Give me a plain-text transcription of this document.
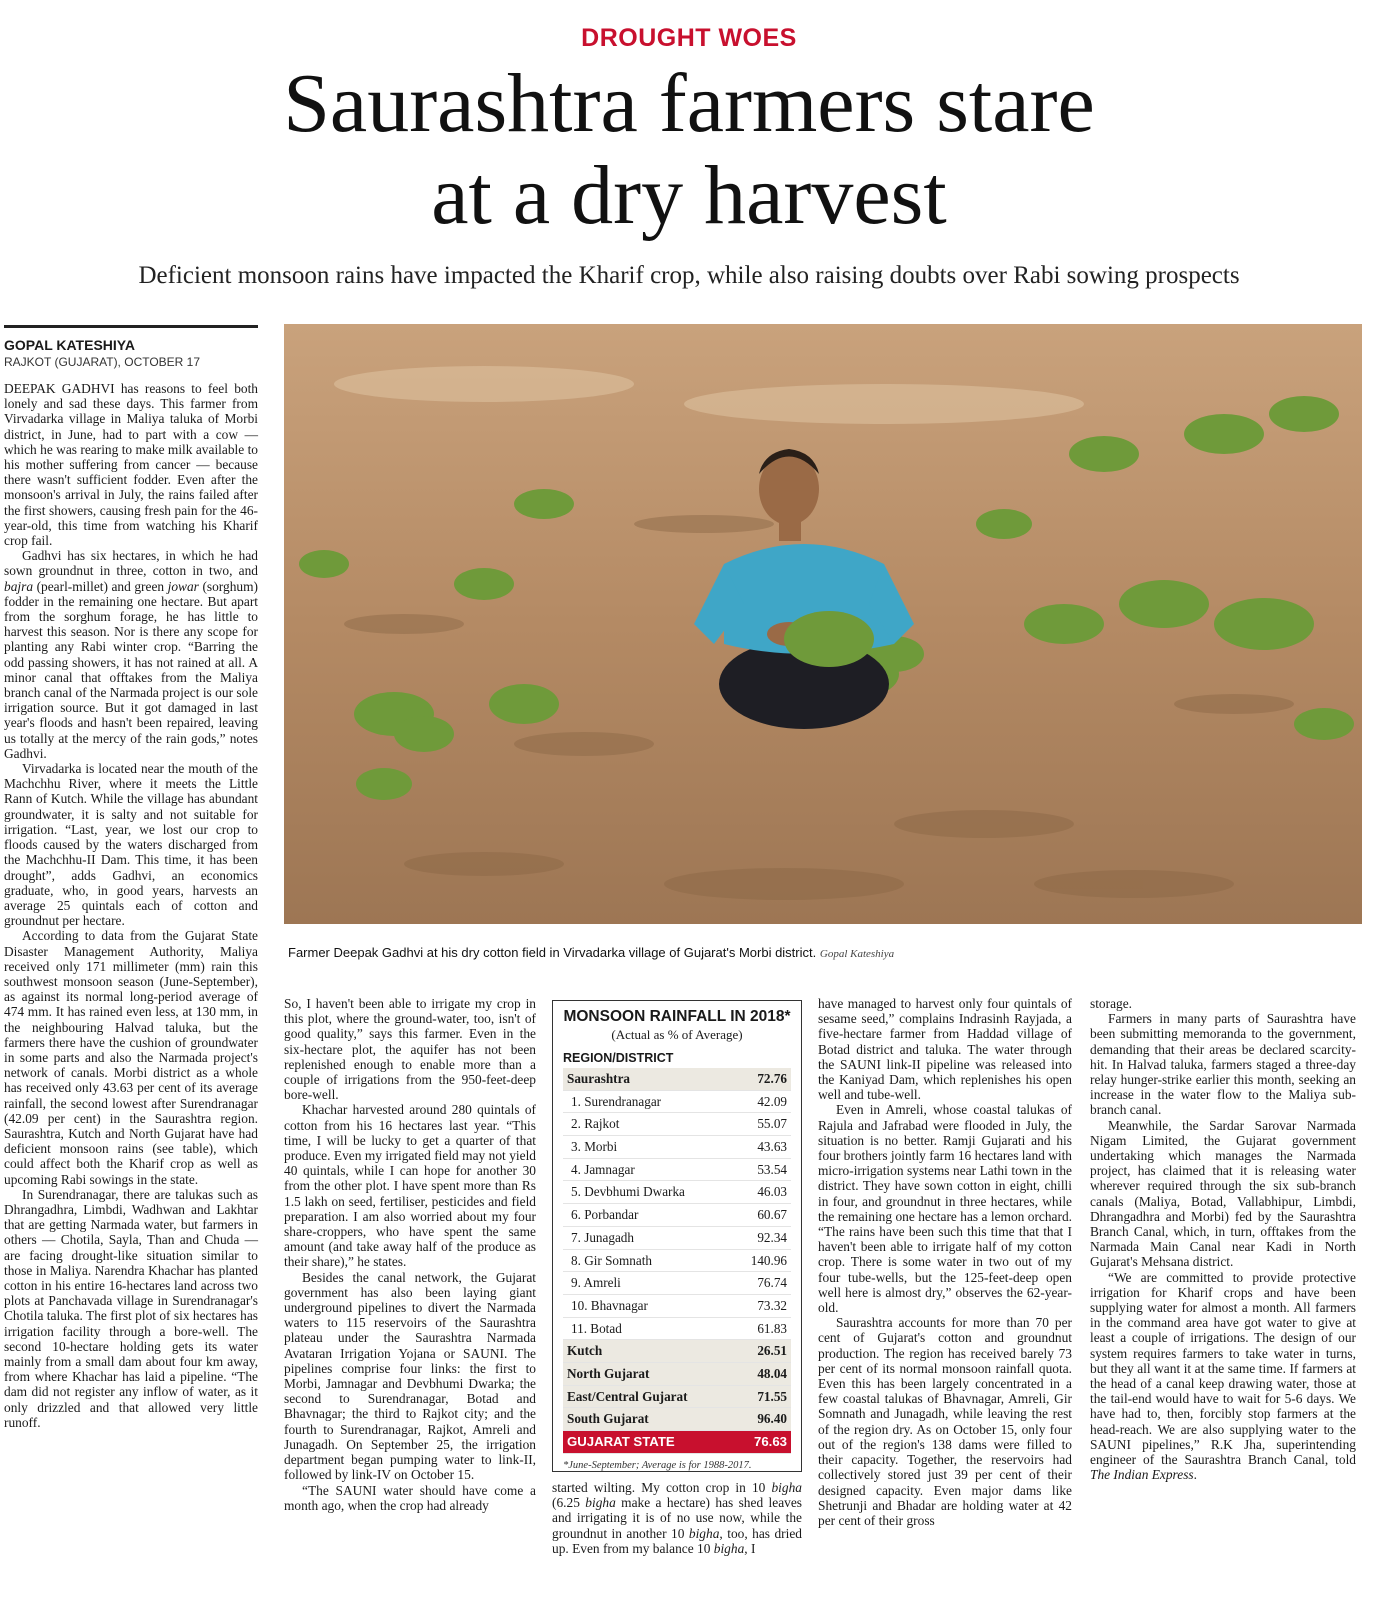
DROUGHT WOES
Saurashtra farmers stare
at a dry harvest
Deficient monsoon rains have impacted the Kharif crop, while also raising doubts over Rabi sowing prospects
GOPAL KATESHIYA
RAJKOT (GUJARAT), OCTOBER 17

DEEPAK GADHVI has reasons to feel both lonely and sad these days. This farmer from Virvadarka village in Maliya taluka of Morbi district, in June, had to part with a cow — which he was rearing to make milk available to his mother suffering from cancer — because there wasn't sufficient fodder. Even after the monsoon's arrival in July, the rains failed after the first showers, causing fresh pain for the 46-year-old, this time from watching his Kharif crop fail.

Gadhvi has six hectares, in which he had sown groundnut in three, cotton in two, and bajra (pearl-millet) and green jowar (sorghum) fodder in the remaining one hectare. But apart from the sorghum forage, he has little to harvest this season. Nor is there any scope for planting any Rabi winter crop. “Barring the odd passing showers, it has not rained at all. A minor canal that offtakes from the Maliya branch canal of the Narmada project is our sole irrigation source. But it got damaged in last year's floods and hasn't been repaired, leaving us totally at the mercy of the rain gods,” notes Gadhvi.

Virvadarka is located near the mouth of the Machchhu River, where it meets the Little Rann of Kutch. While the village has abundant groundwater, it is salty and not suitable for irrigation. “Last, year, we lost our crop to floods caused by the waters discharged from the Machchhu-II Dam. This time, it has been drought”, adds Gadhvi, an economics graduate, who, in good years, harvests an average 25 quintals each of cotton and groundnut per hectare.

According to data from the Gujarat State Disaster Management Authority, Maliya received only 171 millimeter (mm) rain this southwest monsoon season (June-September), as against its normal long-period average of 474 mm. It has rained even less, at 130 mm, in the neighbouring Halvad taluka, but the farmers there have the cushion of groundwater in some parts and also the Narmada project's network of canals. Morbi district as a whole has received only 43.63 per cent of its average rainfall, the second lowest after Surendranagar (42.09 per cent) in the Saurashtra region. Saurashtra, Kutch and North Gujarat have had deficient monsoon rains (see table), which could affect both the Kharif crop as well as upcoming Rabi sowings in the state.

In Surendranagar, there are talukas such as Dhrangadhra, Limbdi, Wadhwan and Lakhtar that are getting Narmada water, but farmers in others — Chotila, Sayla, Than and Chuda — are facing drought-like situation similar to those in Maliya. Narendra Khachar has planted cotton in his entire 16-hectares land across two plots at Panchavada village in Surendranagar's Chotila taluka. The first plot of six hectares has irrigation facility through a bore-well. The second 10-hectare holding gets its water mainly from a small dam about four km away, from where Khachar has laid a pipeline. “The dam did not register any inflow of water, as it only drizzled and that allowed very little runoff.

Farmer Deepak Gadhvi at his dry cotton field in Virvadarka village of Gujarat's Morbi district. Gopal Kateshiya

So, I haven't been able to irrigate my crop in this plot, where the ground-water, too, isn't of good quality,” says this farmer. Even in the six-hectare plot, the aquifer has not been replenished enough to enable more than a couple of irrigations from the 950-feet-deep bore-well.

Khachar harvested around 280 quintals of cotton from his 16 hectares last year. “This time, I will be lucky to get a quarter of that produce. Even my irrigated field may not yield 40 quintals, while I can hope for another 30 from the other plot. I have spent more than Rs 1.5 lakh on seed, fertiliser, pesticides and field preparation. I am also worried about my four share-croppers, who have spent the same amount (and take away half of the produce as their share),” he states.

Besides the canal network, the Gujarat government has also been laying giant underground pipelines to divert the Narmada waters to 115 reservoirs of the Saurashtra plateau under the Saurashtra Narmada Avataran Irrigation Yojana or SAUNI. The pipelines comprise four links: the first to Morbi, Jamnagar and Devbhumi Dwarka; the second to Surendranagar, Botad and Bhavnagar; the third to Rajkot city; and the fourth to Surendranagar, Rajkot, Amreli and Junagadh. On September 25, the irrigation department began pumping water to link-II, followed by link-IV on October 15.

“The SAUNI water should have come a month ago, when the crop had already

MONSOON RAINFALL IN 2018*
(Actual as % of Average)
REGION/DISTRICT
Saurashtra	72.76
1. Surendranagar	42.09
2. Rajkot	55.07
3. Morbi	43.63
4. Jamnagar	53.54
5. Devbhumi Dwarka	46.03
6. Porbandar	60.67
7. Junagadh	92.34
8. Gir Somnath	140.96
9. Amreli	76.74
10. Bhavnagar	73.32
11. Botad	61.83
Kutch	26.51
North Gujarat	48.04
East/Central Gujarat	71.55
South Gujarat	96.40
GUJARAT STATE	76.63
*June-September; Average is for 1988-2017.

started wilting. My cotton crop in 10 bigha (6.25 bigha make a hectare) has shed leaves and irrigating it is of no use now, while the groundnut in another 10 bigha, too, has dried up. Even from my balance 10 bigha, I

have managed to harvest only four quintals of sesame seed,” complains Indrasinh Rayjada, a five-hectare farmer from Haddad village of Botad district and taluka. The water through the SAUNI link-II pipeline was released into the Kaniyad Dam, which replenishes his open well and tube-well.

Even in Amreli, whose coastal talukas of Rajula and Jafrabad were flooded in July, the situation is no better. Ramji Gujarati and his four brothers jointly farm 16 hectares land with micro-irrigation systems near Lathi town in the district. They have sown cotton in eight, chilli in four, and groundnut in three hectares, while the remaining one hectare has a lemon orchard. “The rains have been such this time that that I haven't been able to irrigate half of my cotton crop. There is some water in two out of my four tube-wells, but the 125-feet-deep open well here is almost dry,” observes the 62-year-old.

Saurashtra accounts for more than 70 per cent of Gujarat's cotton and groundnut production. The region has received barely 73 per cent of its normal monsoon rainfall quota. Even this has been largely concentrated in a few coastal talukas of Bhavnagar, Amreli, Gir Somnath and Junagadh, while leaving the rest of the region dry. As on October 15, only four out of the region's 138 dams were filled to their capacity. Together, the reservoirs had collectively stored just 39 per cent of their designed capacity. Even major dams like Shetrunji and Bhadar are holding water at 42 per cent of their gross

storage.

Farmers in many parts of Saurashtra have been submitting memoranda to the government, demanding that their areas be declared scarcity-hit. In Halvad taluka, farmers staged a three-day relay hunger-strike earlier this month, seeking an increase in the water flow to the Maliya sub-branch canal.

Meanwhile, the Sardar Sarovar Narmada Nigam Limited, the Gujarat government undertaking which manages the Narmada project, has claimed that it is releasing water wherever required through the six sub-branch canals (Maliya, Botad, Vallabhipur, Limbdi, Dhrangadhra and Morbi) fed by the Saurashtra Branch Canal, which, in turn, offtakes from the Narmada Main Canal near Kadi in North Gujarat's Mehsana district.

“We are committed to provide protective irrigation for Kharif crops and have been supplying water for almost a month. All farmers in the command area have got water to give at least a couple of irrigations. The design of our system requires farmers to take water in turns, but they all want it at the same time. If farmers at the head of a canal keep drawing water, those at the tail-end would have to wait for 5-6 days. We have had to, then, forcibly stop farmers at the head-reach. We are also supplying water to the SAUNI pipelines,” R.K Jha, superintending engineer of the Saurashtra Branch Canal, told The Indian Express.
